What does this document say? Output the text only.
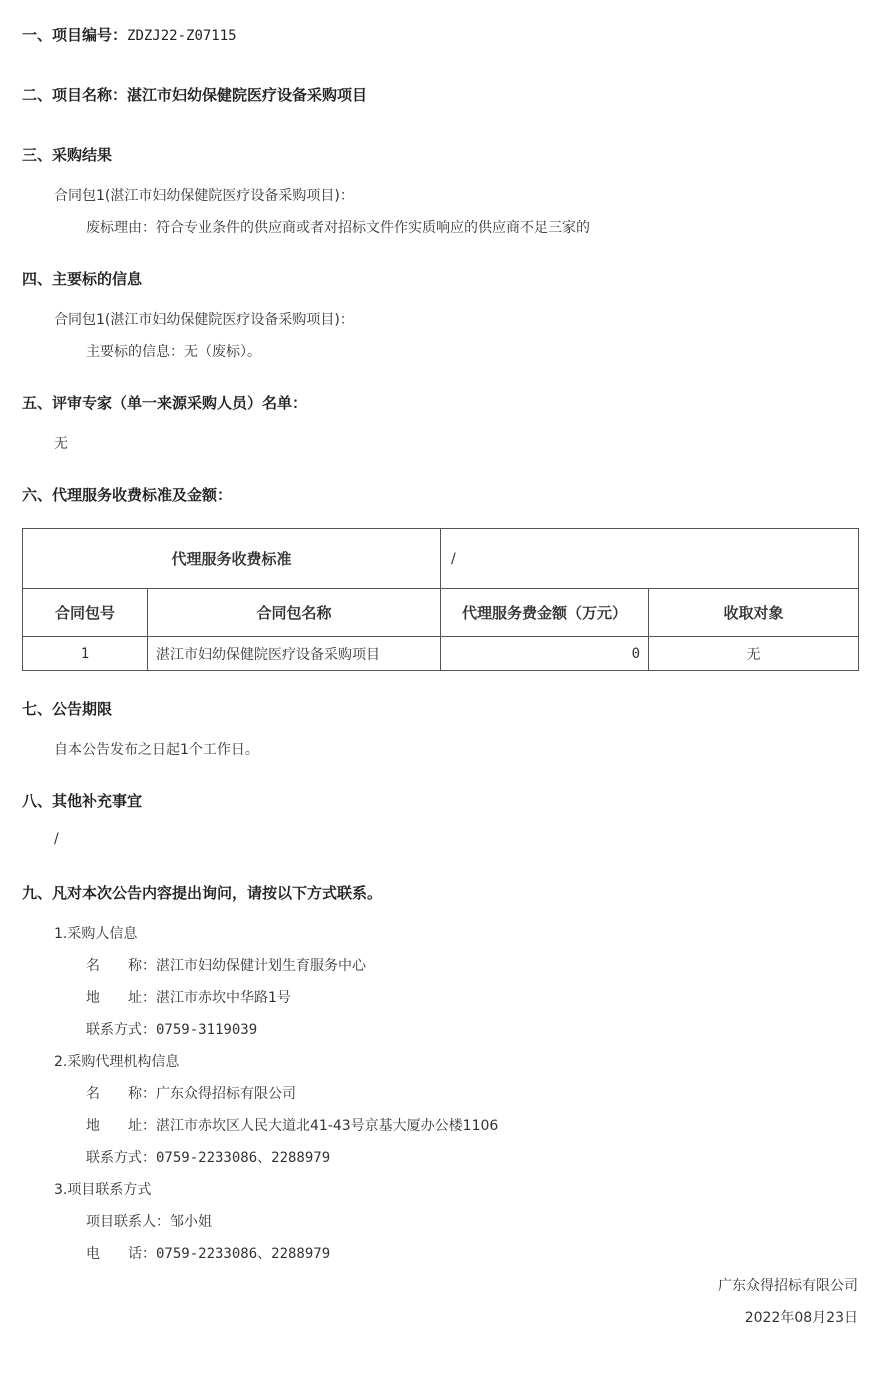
一、项目编号：ZDZJ22-Z07115
二、项目名称：湛江市妇幼保健院医疗设备采购项目
三、采购结果
合同包1(湛江市妇幼保健院医疗设备采购项目)：
废标理由：符合专业条件的供应商或者对招标文件作实质响应的供应商不足三家的
四、主要标的信息
合同包1(湛江市妇幼保健院医疗设备采购项目)：
主要标的信息：无（废标）。
五、评审专家（单一来源采购人员）名单：
无
六、代理服务收费标准及金额：
代理服务收费标准		/	
合同包号	合同包名称	代理服务费金额（万元）	收取对象
1	湛江市妇幼保健院医疗设备采购项目	0	无
七、公告期限
自本公告发布之日起1个工作日。
八、其他补充事宜
/
九、凡对本次公告内容提出询问，请按以下方式联系。
1.采购人信息
名　　称：湛江市妇幼保健计划生育服务中心
地　　址：湛江市赤坎中华路1号
联系方式：0759-3119039
2.采购代理机构信息
名　　称：广东众得招标有限公司
地　　址：湛江市赤坎区人民大道北41-43号京基大厦办公楼1106
联系方式：0759-2233086、2288979
3.项目联系方式
项目联系人：邹小姐
电　　话：0759-2233086、2288979
广东众得招标有限公司
2022年08月23日
